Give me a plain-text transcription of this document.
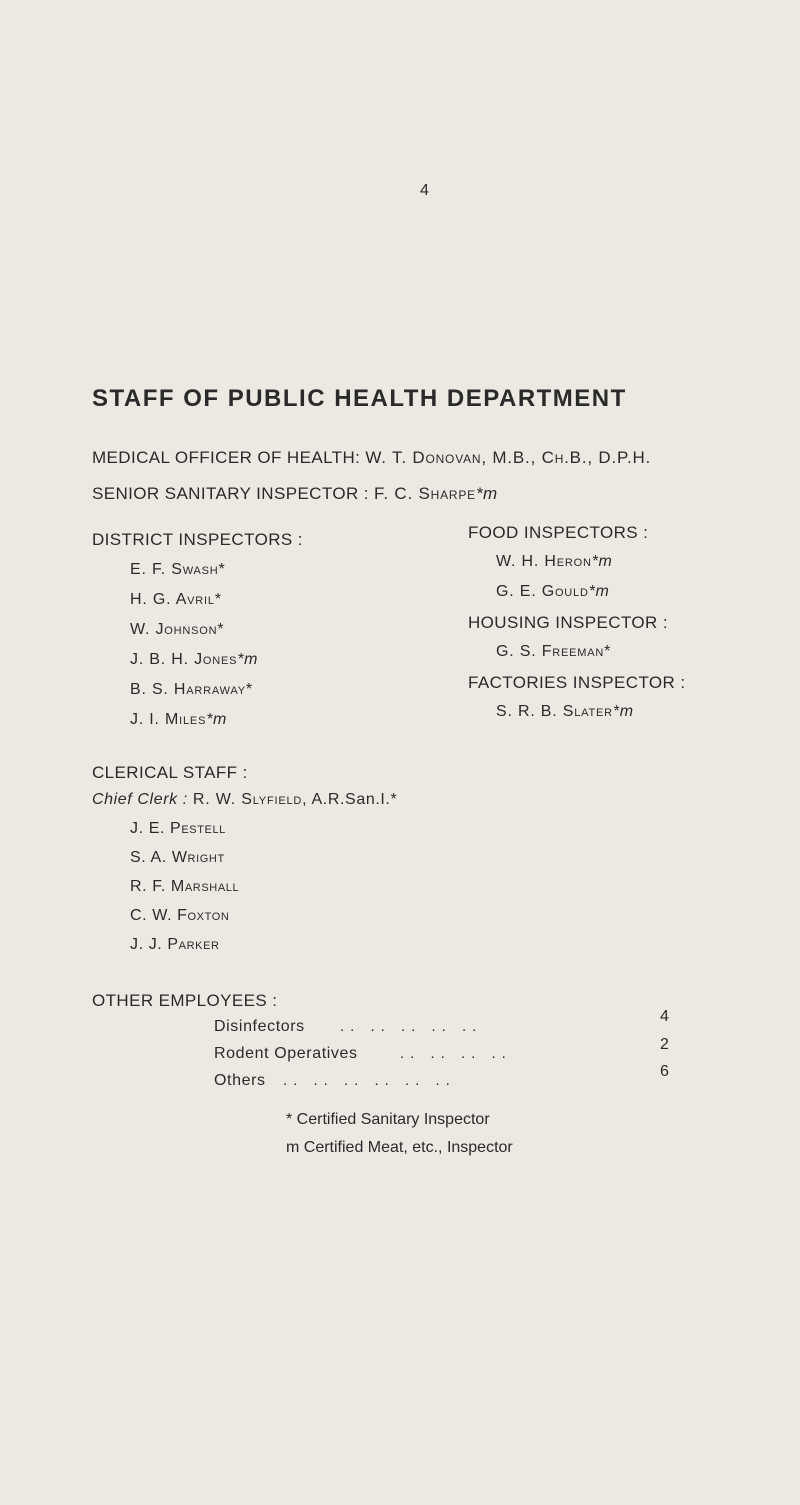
4
STAFF OF PUBLIC HEALTH DEPARTMENT
MEDICAL OFFICER OF HEALTH: W. T. Donovan, M.B., Ch.B., D.P.H.
SENIOR SANITARY INSPECTOR : F. C. Sharpe*m
DISTRICT INSPECTORS :
E. F. Swash*
H. G. Avril*
W. Johnson*
J. B. H. Jones*m
B. S. Harraway*
J. I. Miles*m
FOOD INSPECTORS :
W. H. Heron*m
G. E. Gould*m
HOUSING INSPECTOR :
G. S. Freeman*
FACTORIES INSPECTOR :
S. R. B. Slater*m
CLERICAL STAFF :
Chief Clerk : R. W. Slyfield, A.R.San.I.*
J. E. Pestell
S. A. Wright
R. F. Marshall
C. W. Foxton
J. J. Parker
OTHER EMPLOYEES :
Disinfectors .. .. .. .. ..
4
Rodent Operatives	.. .. .. ..
2
Others .. .. .. .. .. ..
6
* Certified Sanitary Inspector
m Certified Meat, etc., Inspector
